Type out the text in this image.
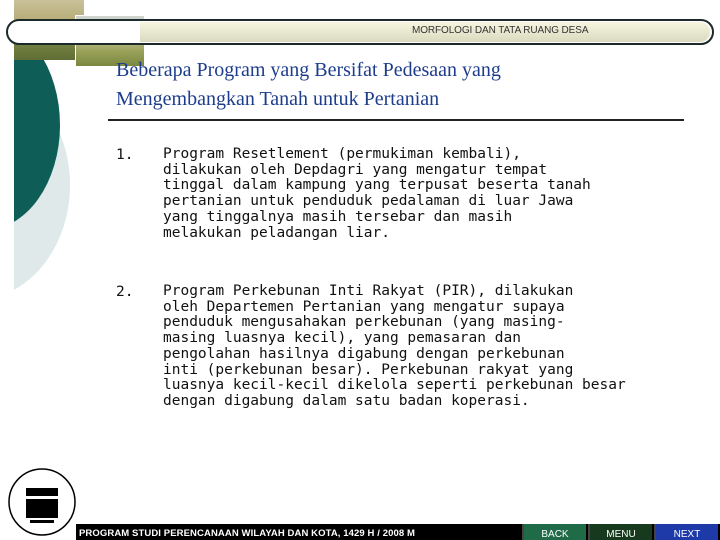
MORFOLOGI DAN TATA RUANG DESA
Beberapa Program yang Bersifat Pedesaan yang
Mengembangkan Tanah untuk Pertanian
1. Program Resetlement (permukiman kembali),
dilakukan oleh Depdagri yang mengatur tempat
tinggal dalam kampung yang terpusat beserta tanah
pertanian untuk penduduk pedalaman di luar Jawa
yang tinggalnya masih tersebar dan masih
melakukan peladangan liar.
2. Program Perkebunan Inti Rakyat (PIR), dilakukan
oleh Departemen Pertanian yang mengatur supaya
penduduk mengusahakan perkebunan (yang masing-
masing luasnya kecil), yang pemasaran dan
pengolahan hasilnya digabung dengan perkebunan
inti (perkebunan besar). Perkebunan rakyat yang
luasnya kecil-kecil dikelola seperti perkebunan besar
dengan digabung dalam satu badan koperasi.
PROGRAM STUDI PERENCANAAN WILAYAH DAN KOTA, 1429 H / 2008 M	BACK	MENU	NEXT
